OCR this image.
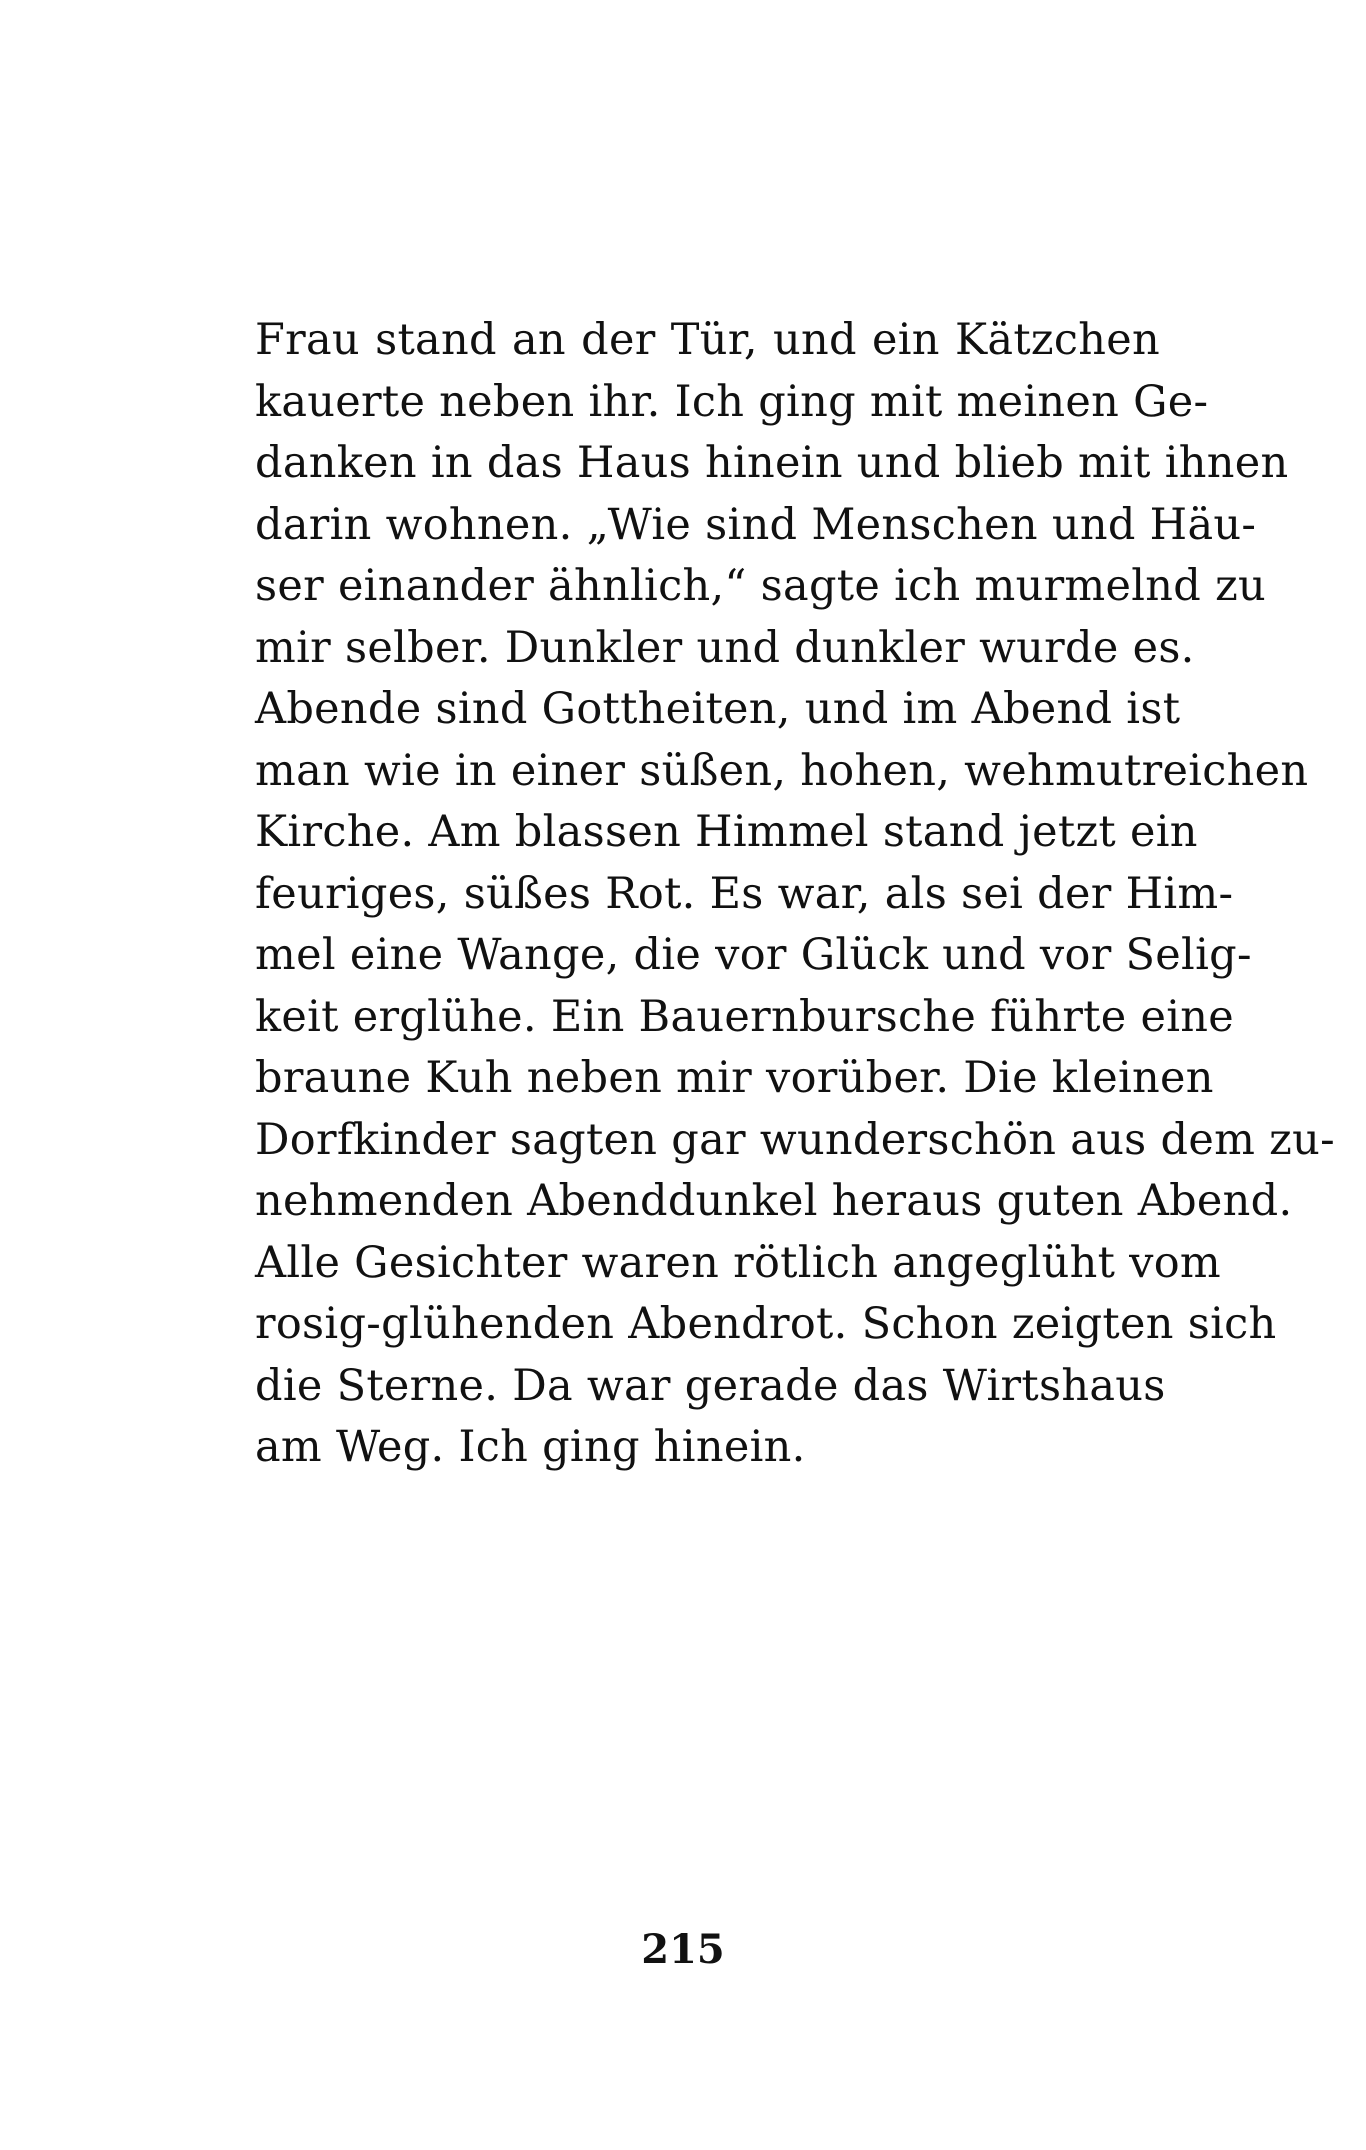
Frau stand an der Tür, und ein Kätzchen
kauerte neben ihr. Ich ging mit meinen Ge-
danken in das Haus hinein und blieb mit ihnen
darin wohnen. „Wie sind Menschen und Häu-
ser einander ähnlich,“ sagte ich murmelnd zu
mir selber. Dunkler und dunkler wurde es.
Abende sind Gottheiten, und im Abend ist
man wie in einer süßen, hohen, wehmutreichen
Kirche. Am blassen Himmel stand jetzt ein
feuriges, süßes Rot. Es war, als sei der Him-
mel eine Wange, die vor Glück und vor Selig-
keit erglühe. Ein Bauernbursche führte eine
braune Kuh neben mir vorüber. Die kleinen
Dorfkinder sagten gar wunderschön aus dem zu-
nehmenden Abenddunkel heraus guten Abend.
Alle Gesichter waren rötlich angeglüht vom
rosig-glühenden Abendrot. Schon zeigten sich
die Sterne. Da war gerade das Wirtshaus
am Weg. Ich ging hinein.
215
